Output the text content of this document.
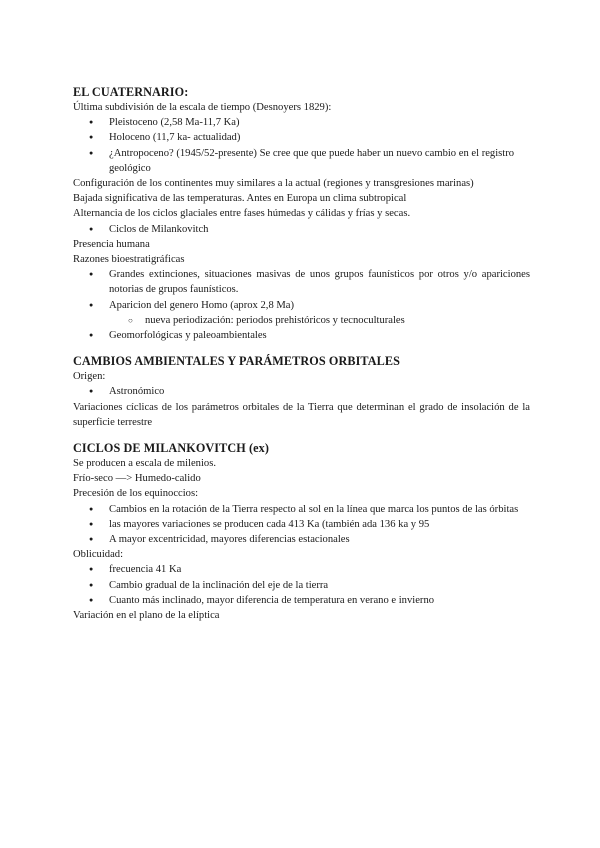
EL CUATERNARIO:

Última subdivisión de la escala de tiempo (Desnoyers 1829):

● Pleistoceno (2,58 Ma-11,7 Ka)
● Holoceno (11,7 ka- actualidad)
● ¿Antropoceno? (1945/52-presente) Se cree que que puede haber un nuevo cambio en el registro geológico

Configuración de los continentes muy similares a la actual (regiones y transgresiones marinas)

Bajada significativa de las temperaturas. Antes en Europa un clima subtropical

Alternancia de los ciclos glaciales entre fases húmedas y cálidas y frías y secas.

● Ciclos de Milankovitch

Presencia humana

Razones bioestratigráficas

● Grandes extinciones, situaciones masivas de unos grupos faunísticos por otros y/o apariciones notorias de grupos faunísticos.
● Aparicion del genero Homo (aprox 2,8 Ma)
○ nueva periodización: periodos prehistóricos y tecnoculturales
● Geomorfológicas y paleoambientales
CAMBIOS AMBIENTALES Y PARÁMETROS ORBITALES

Origen:

● Astronómico

Variaciones cíclicas de los parámetros orbitales de la Tierra que determinan el grado de insolación de la superficie terrestre

CICLOS DE MILANKOVITCH (ex)

Se producen a escala de milenios.

Frío-seco —> Humedo-calido

Precesión de los equinoccios:

● Cambios en la rotación de la Tierra respecto al sol en la línea que marca los puntos de las órbitas
● las mayores variaciones se producen cada 413 Ka (también ada 136 ka y 95
● A mayor excentricidad, mayores diferencias estacionales

Oblicuidad:

● frecuencia 41 Ka
● Cambio gradual de la inclinación del eje de la tierra
● Cuanto más inclinado, mayor diferencia de temperatura en verano e invierno

Variación en el plano de la elíptica
